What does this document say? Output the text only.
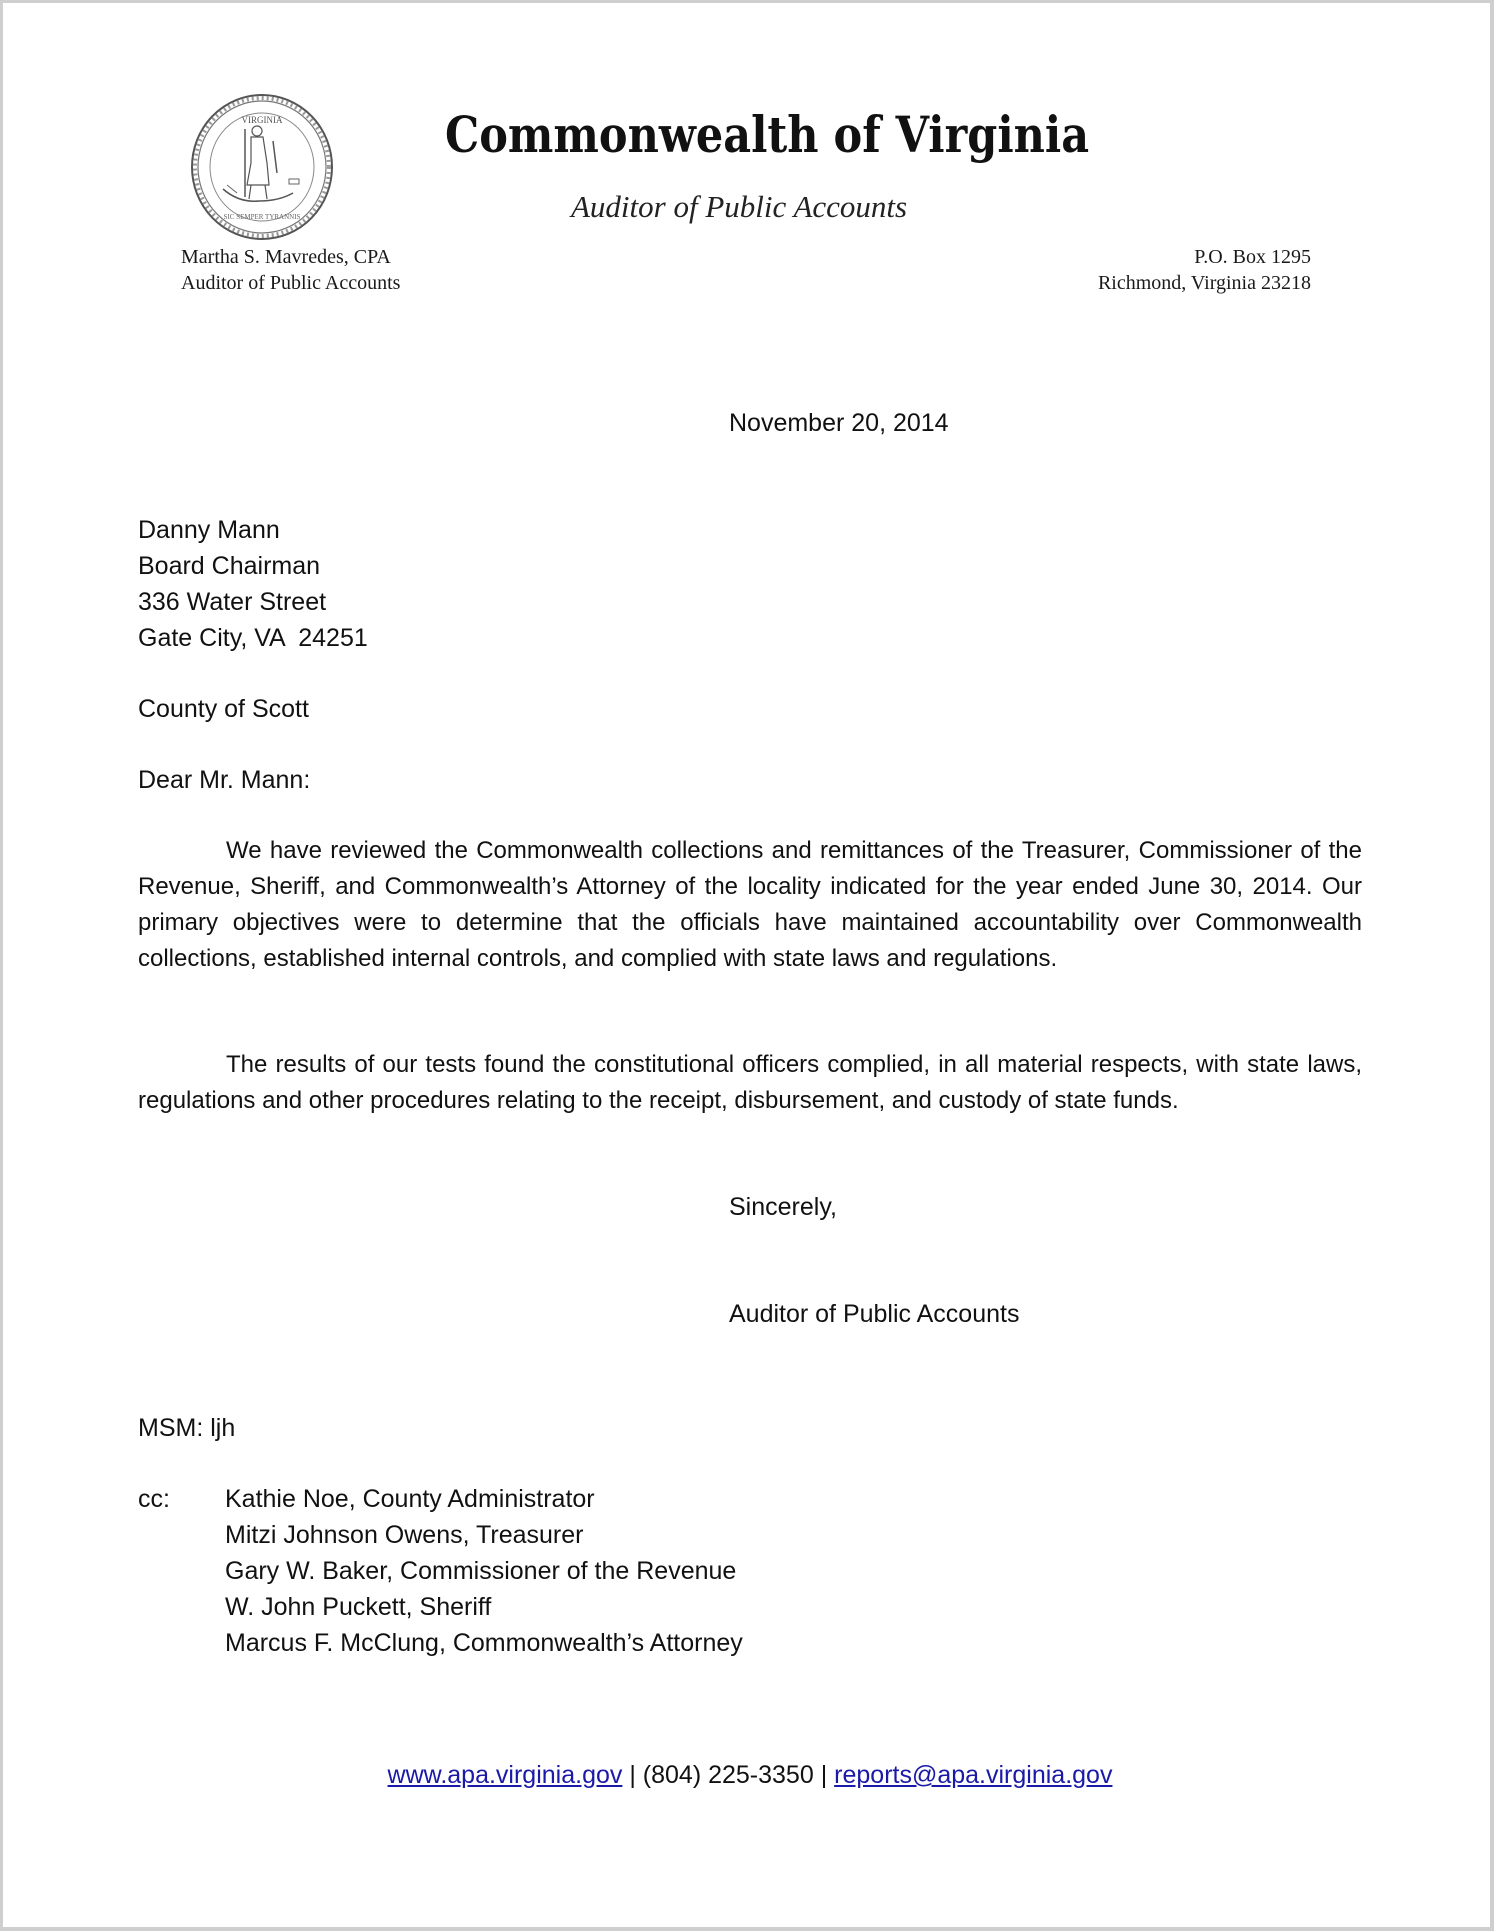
VIRGINIA
SIC SEMPER TYRANNIS
Commonwealth of Virginia
Auditor of Public Accounts
Martha S. Mavredes, CPA
Auditor of Public Accounts
P.O. Box 1295
Richmond, Virginia 23218
November 20, 2014
Danny Mann
Board Chairman
336 Water Street
Gate City, VA  24251
County of Scott
Dear Mr. Mann:
We have reviewed the Commonwealth collections and remittances of the Treasurer, Commissioner of the Revenue, Sheriff, and Commonwealth’s Attorney of the locality indicated for the year ended June 30, 2014. Our primary objectives were to determine that the officials have maintained accountability over Commonwealth collections, established internal controls, and complied with state laws and regulations.
The results of our tests found the constitutional officers complied, in all material respects, with state laws, regulations and other procedures relating to the receipt, disbursement, and custody of state funds.
Sincerely,
Auditor of Public Accounts
MSM: ljh
cc: Kathie Noe, County Administrator
Mitzi Johnson Owens, Treasurer
Gary W. Baker, Commissioner of the Revenue
W. John Puckett, Sheriff
Marcus F. McClung, Commonwealth’s Attorney
www.apa.virginia.gov | (804) 225-3350 | reports@apa.virginia.gov
